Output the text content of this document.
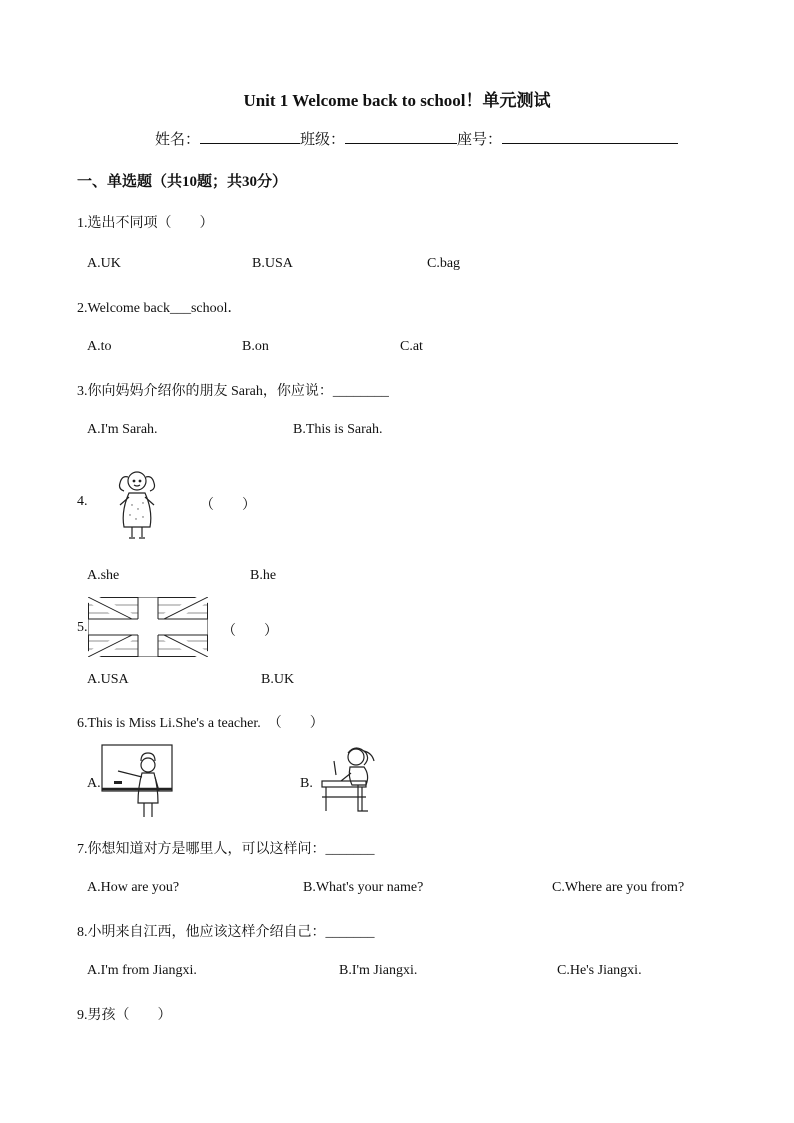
Unit 1 Welcome back to school！单元测试
姓名：	班级：	座号：
一、单选题（共10题；共30分）
1.选出不同项（　　）
A.UK	B.USA	C.bag
2.Welcome back___school．
A.to	B.on	C.at
3.你向妈妈介绍你的朋友 Sarah，你应说：________
A.I'm Sarah.	B.This is Sarah.
4.	（　　）
A.she	B.he
5.	（　　）
A.USA	B.UK
6.This is Miss Li.She's a teacher.　（　　）
A.	B.
7.你想知道对方是哪里人，可以这样问：_______
A.How are you?	B.What's your name?	C.Where are you from?
8.小明来自江西，他应该这样介绍自己：_______
A.I'm from Jiangxi.	B.I'm Jiangxi.	C.He's Jiangxi.
9.男孩（　　）
